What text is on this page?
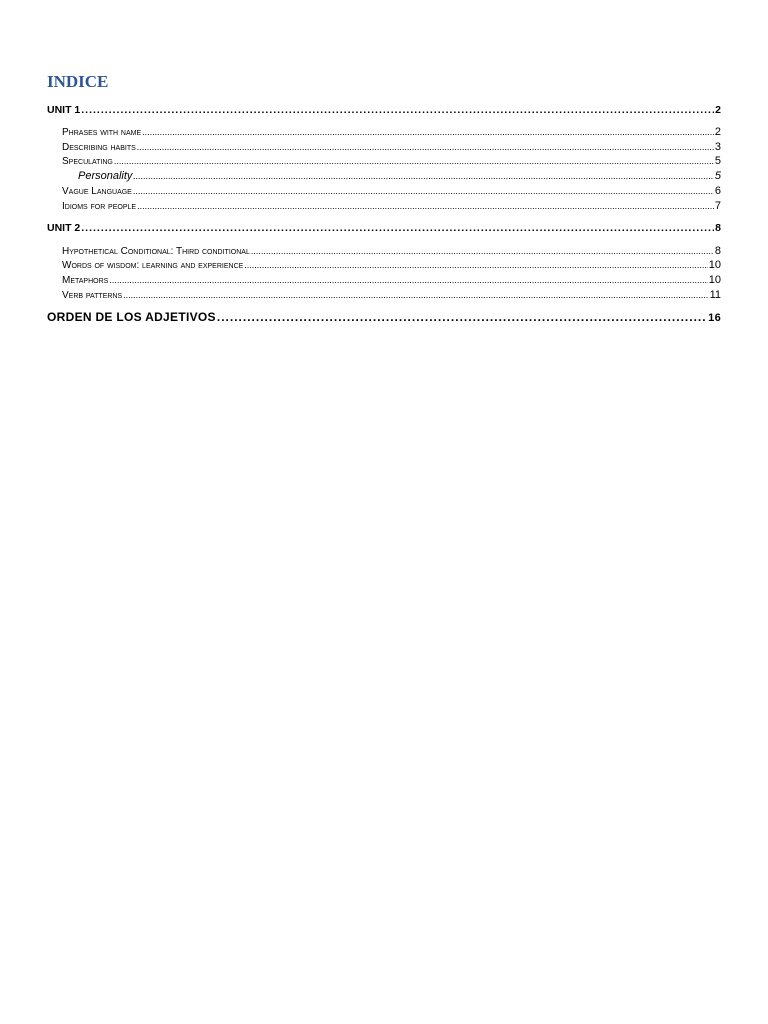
INDICE
UNIT 1 .....	2
Phrases with name .....	2
Describing habits .....	3
Speculating .....	5
Personality .....	5
Vague Language .....	6
Idioms for people .....	7
UNIT 2 .....	8
Hypothetical Conditional: Third conditional .....	8
Words of wisdom: learning and experience .....	10
Metaphors .....	10
Verb patterns .....	11
ORDEN DE LOS ADJETIVOS .....	16
